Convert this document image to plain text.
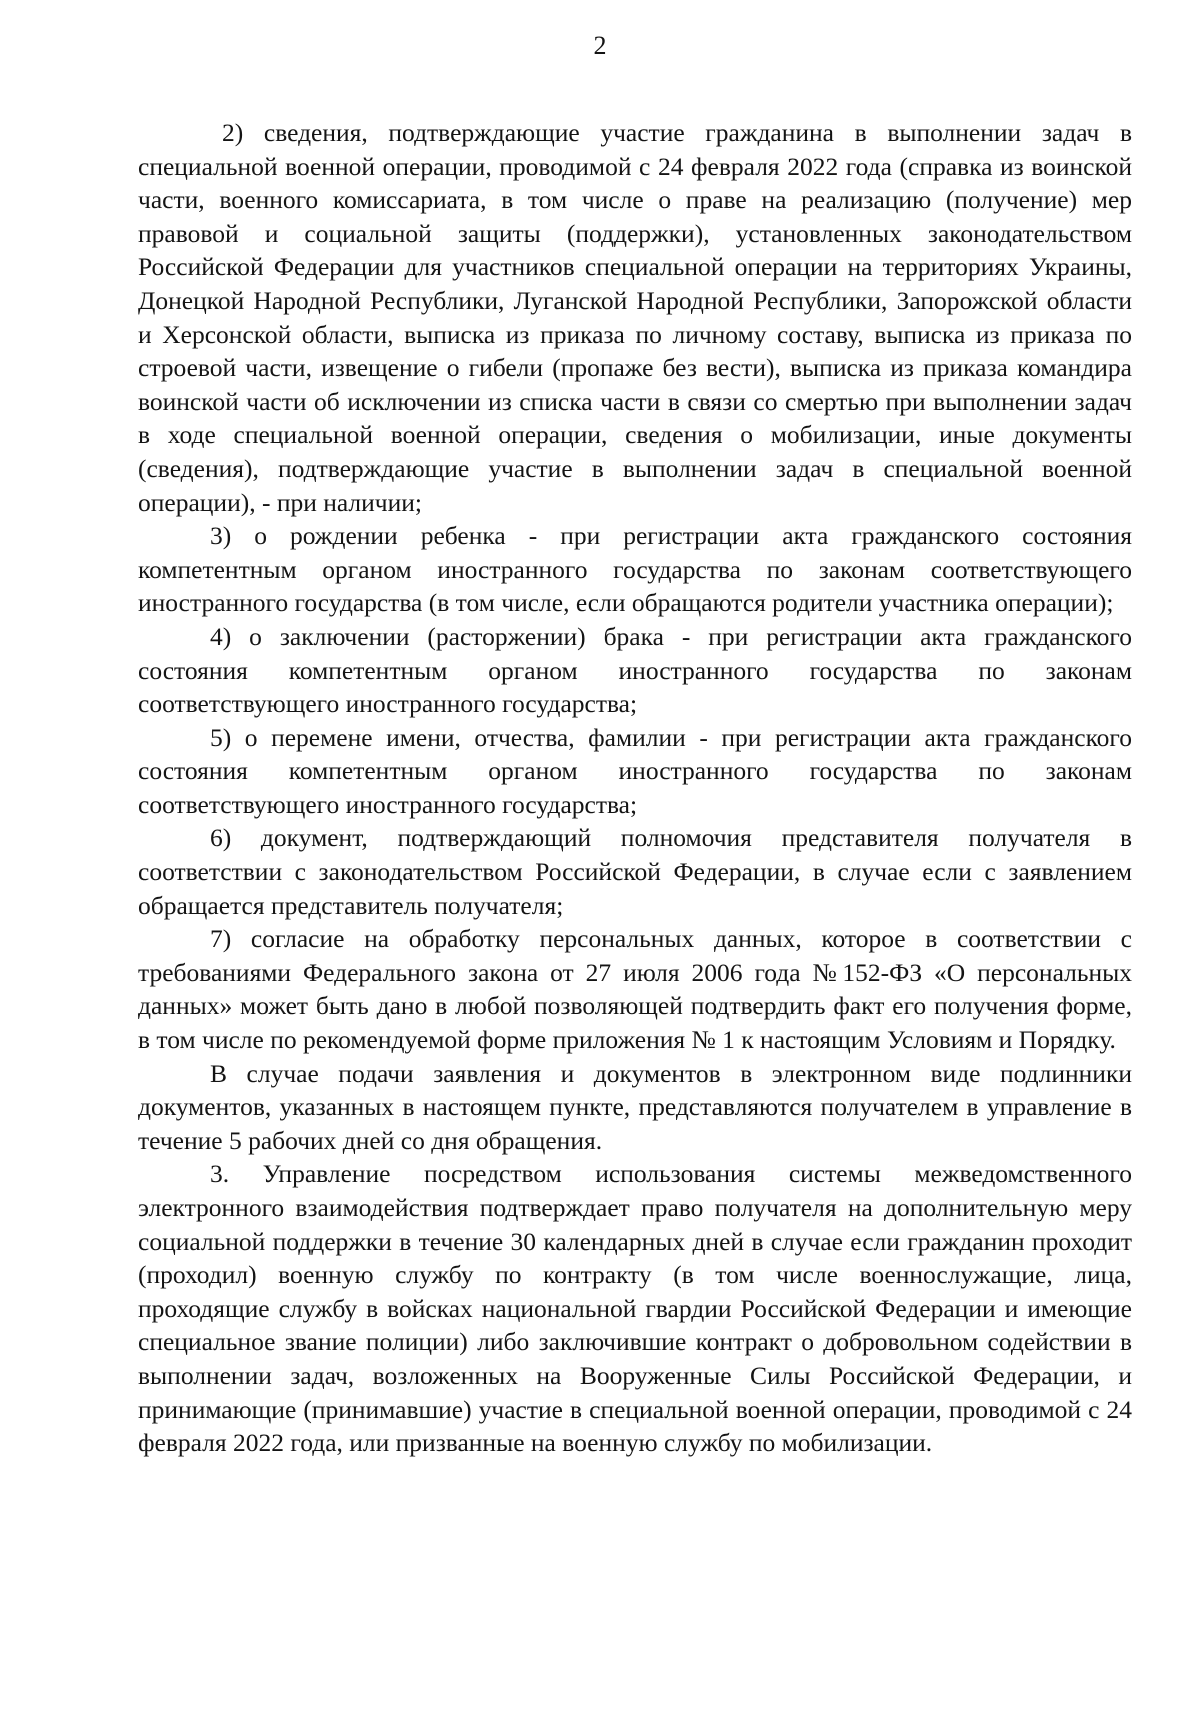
2

2) сведения, подтверждающие участие гражданина в выполнении задач в специальной военной операции, проводимой с 24 февраля 2022 года (справка из воинской части, военного комиссариата, в том числе о праве на реализацию (получение) мер правовой и социальной защиты (поддержки), установленных законодательством Российской Федерации для участников специальной операции на территориях Украины, Донецкой Народной Республики, Луганской Народной Республики, Запорожской области и Херсонской области, выписка из приказа по личному составу, выписка из приказа по строевой части, извещение о гибели (пропаже без вести), выписка из приказа командира воинской части об исключении из списка части в связи со смертью при выполнении задач в ходе специальной военной операции, сведения о мобилизации, иные документы (сведения), подтверждающие участие в выполнении задач в специальной военной операции), - при наличии;

3) о рождении ребенка - при регистрации акта гражданского состояния компетентным органом иностранного государства по законам соответствующего иностранного государства (в том числе, если обращаются родители участника операции);

4) о заключении (расторжении) брака - при регистрации акта гражданского состояния компетентным органом иностранного государства по законам соответствующего иностранного государства;

5) о перемене имени, отчества, фамилии - при регистрации акта гражданского состояния компетентным органом иностранного государства по законам соответствующего иностранного государства;

6) документ, подтверждающий полномочия представителя получателя в соответствии с законодательством Российской Федерации, в случае если с заявлением обращается представитель получателя;

7) согласие на обработку персональных данных, которое в соответствии с требованиями Федерального закона от 27 июля 2006 года №152-ФЗ «О персональных данных» может быть дано в любой позволяющей подтвердить факт его получения форме, в том числе по рекомендуемой форме приложения № 1 к настоящим Условиям и Порядку.

В случае подачи заявления и документов в электронном виде подлинники документов, указанных в настоящем пункте, представляются получателем в управление в течение 5 рабочих дней со дня обращения.

3. Управление посредством использования системы межведомственного электронного взаимодействия подтверждает право получателя на дополнительную меру социальной поддержки в течение 30 календарных дней в случае если гражданин проходит (проходил) военную службу по контракту (в том числе военнослужащие, лица, проходящие службу в войсках национальной гвардии Российской Федерации и имеющие специальное звание полиции) либо заключившие контракт о добровольном содействии в выполнении задач, возложенных на Вооруженные Силы Российской Федерации, и принимающие (принимавшие) участие в специальной военной операции, проводимой с 24 февраля 2022 года, или призванные на военную службу по мобилизации.
